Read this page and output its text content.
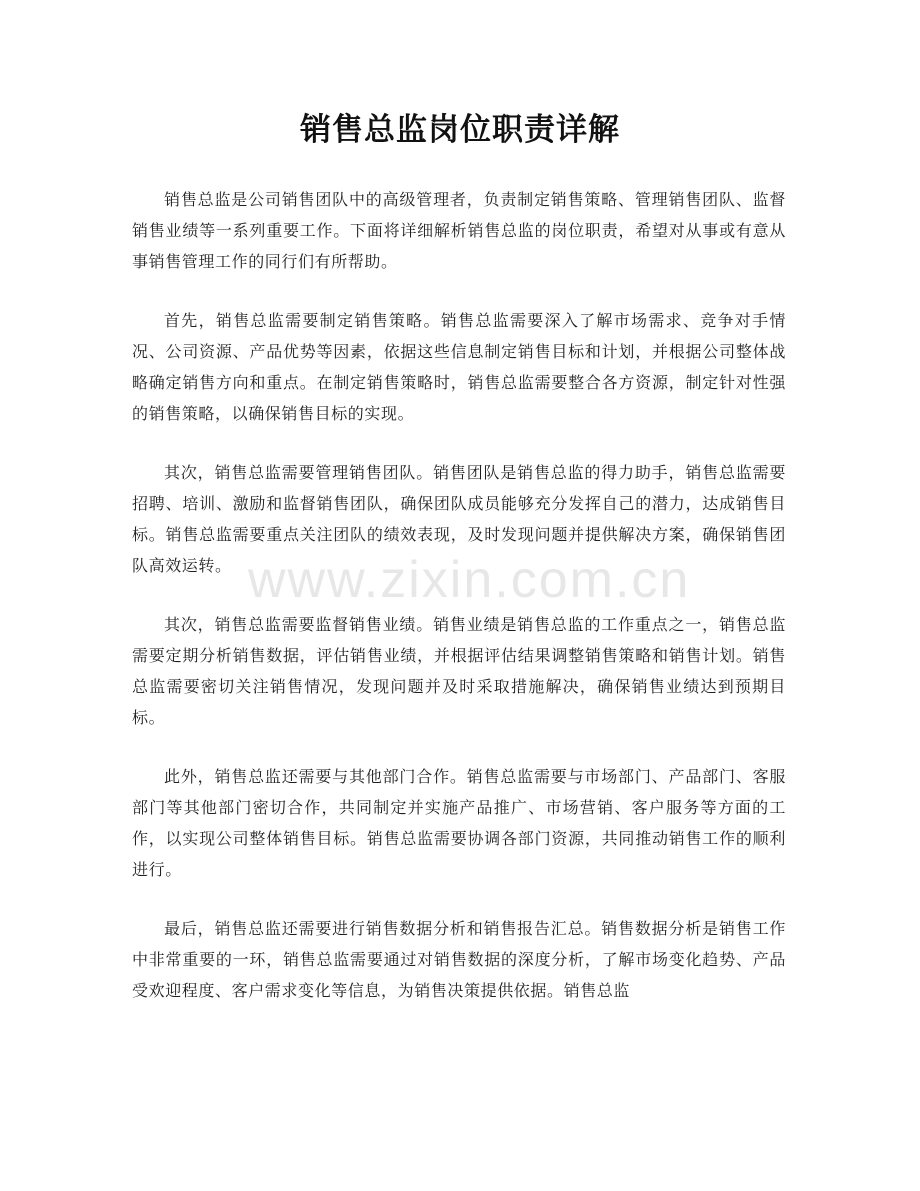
销售总监岗位职责详解

销售总监是公司销售团队中的高级管理者，负责制定销售策略、管理销售团队、监督销售业绩等一系列重要工作。下面将详细解析销售总监的岗位职责，希望对从事或有意从事销售管理工作的同行们有所帮助。

首先，销售总监需要制定销售策略。销售总监需要深入了解市场需求、竞争对手情况、公司资源、产品优势等因素，依据这些信息制定销售目标和计划，并根据公司整体战略确定销售方向和重点。在制定销售策略时，销售总监需要整合各方资源，制定针对性强的销售策略，以确保销售目标的实现。

其次，销售总监需要管理销售团队。销售团队是销售总监的得力助手，销售总监需要招聘、培训、激励和监督销售团队，确保团队成员能够充分发挥自己的潜力，达成销售目标。销售总监需要重点关注团队的绩效表现，及时发现问题并提供解决方案，确保销售团队高效运转。

其次，销售总监需要监督销售业绩。销售业绩是销售总监的工作重点之一，销售总监需要定期分析销售数据，评估销售业绩，并根据评估结果调整销售策略和销售计划。销售总监需要密切关注销售情况，发现问题并及时采取措施解决，确保销售业绩达到预期目标。

此外，销售总监还需要与其他部门合作。销售总监需要与市场部门、产品部门、客服部门等其他部门密切合作，共同制定并实施产品推广、市场营销、客户服务等方面的工作，以实现公司整体销售目标。销售总监需要协调各部门资源，共同推动销售工作的顺利进行。

最后，销售总监还需要进行销售数据分析和销售报告汇总。销售数据分析是销售工作中非常重要的一环，销售总监需要通过对销售数据的深度分析，了解市场变化趋势、产品受欢迎程度、客户需求变化等信息，为销售决策提供依据。销售总监

www.zixin.com.cn
